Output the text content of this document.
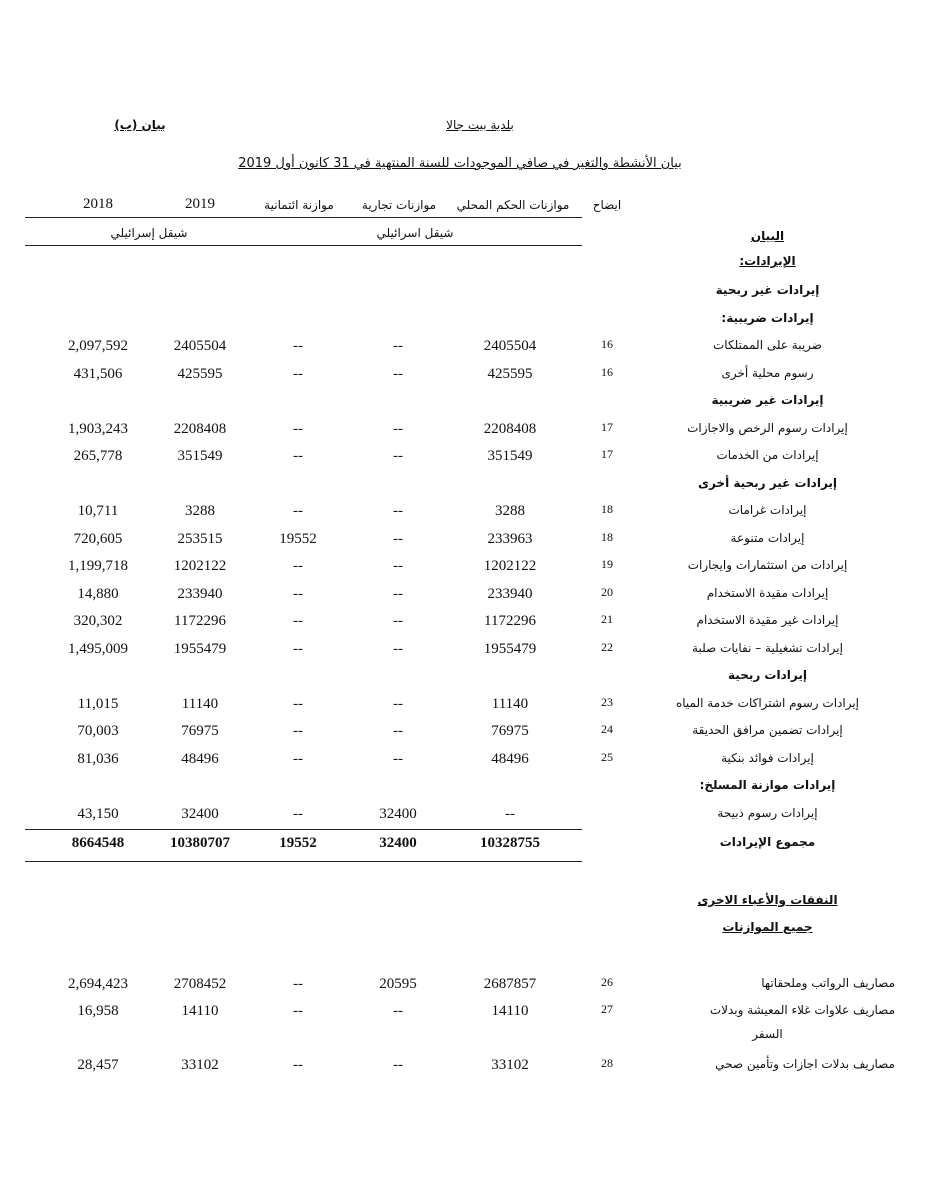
بلدية بيت جالا
بيان (ب)
بيان الأنشطة والتغير في صافي الموجودات للسنة المنتهية في 31 كانون أول 2019
ايضاح
موازنات الحكم المحلي
موازنات تجارية
موازنة ائتمانية
2019
2018
شيقل اسرائيلي
شيقل إسرائيلي	البيان
الإيرادات:
إيرادات غير ربحية
إيرادات ضريبية:
2,097,592	2405504	--	--	2405504	16	ضريبة على الممتلكات
431,506	425595	--	--	425595	16	رسوم محلية أخرى
إيرادات غير ضريبية
1,903,243	2208408	--	--	2208408	17	إيرادات رسوم الرخص والاجازات
265,778	351549	--	--	351549	17	إيرادات من الخدمات
إيرادات غير ربحية أخرى
10,711	3288	--	--	3288	18	إيرادات غرامات
720,605	253515	19552	--	233963	18	إيرادات متنوعة
1,199,718	1202122	--	--	1202122	19	إيرادات من استثمارات وايجارات
14,880	233940	--	--	233940	20	إيرادات مقيدة الاستخدام
320,302	1172296	--	--	1172296	21	إيرادات غير مقيدة الاستخدام
1,495,009	1955479	--	--	1955479	22	إيرادات تشغيلية – نفايات صلبة
إيرادات ربحية
11,015	11140	--	--	11140	23	إيرادات رسوم اشتراكات خدمة المياه
70,003	76975	--	--	76975	24	إيرادات تضمين مرافق الحديقة
81,036	48496	--	--	48496	25	إيرادات فوائد بنكية
إيرادات موازنة المسلخ:
43,150	32400	--	32400	--	إيرادات رسوم ذبيحة
8664548	10380707	19552	32400	10328755	مجموع الإيرادات
النفقات والأعباء الاخرى
جميع الموازنات
2,694,423	2708452	--	20595	2687857	26	مصاريف الرواتب وملحقاتها
16,958	14110	--	--	14110	27	مصاريف علاوات غلاء المعيشة وبدلات
السفر
28,457	33102	--	--	33102	28	مصاريف بدلات اجازات وتأمين صحي
